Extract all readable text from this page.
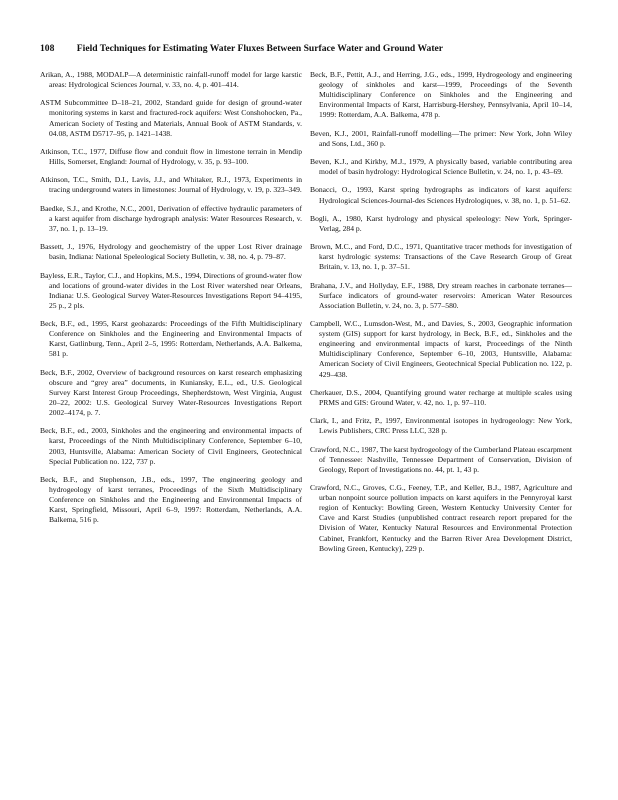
108 Field Techniques for Estimating Water Fluxes Between Surface Water and Ground Water

Arikan, A., 1988, MODALP—A deterministic rainfall-runoff model for large karstic areas: Hydrological Sciences Journal, v. 33, no. 4, p. 401–414.

ASTM Subcommittee D–18–21, 2002, Standard guide for design of ground-water monitoring systems in karst and fractured-rock aquifers: West Conshohocken, Pa., American Society of Testing and Materials, Annual Book of ASTM Standards, v. 04.08, ASTM D5717–95, p. 1421–1438.

Atkinson, T.C., 1977, Diffuse flow and conduit flow in limestone terrain in Mendip Hills, Somerset, England: Journal of Hydrology, v. 35, p. 93–100.

Atkinson, T.C., Smith, D.I., Lavis, J.J., and Whitaker, R.J., 1973, Experiments in tracing underground waters in limestones: Journal of Hydrology, v. 19, p. 323–349.

Baedke, S.J., and Krothe, N.C., 2001, Derivation of effective hydraulic parameters of a karst aquifer from discharge hydrograph analysis: Water Resources Research, v. 37, no. 1, p. 13–19.

Bassett, J., 1976, Hydrology and geochemistry of the upper Lost River drainage basin, Indiana: National Speleological Society Bulletin, v. 38, no. 4, p. 79–87.

Bayless, E.R., Taylor, C.J., and Hopkins, M.S., 1994, Directions of ground-water flow and locations of ground-water divides in the Lost River watershed near Orleans, Indiana: U.S. Geological Survey Water-Resources Investigations Report 94–4195, 25 p., 2 pls.

Beck, B.F., ed., 1995, Karst geohazards: Proceedings of the Fifth Multidisciplinary Conference on Sinkholes and the Engineering and Environmental Impacts of Karst, Gatlinburg, Tenn., April 2–5, 1995: Rotterdam, Netherlands, A.A. Balkema, 581 p.

Beck, B.F., 2002, Overview of background resources on karst research emphasizing obscure and “grey area” documents, in Kuniansky, E.L., ed., U.S. Geological Survey Karst Interest Group Proceedings, Shepherdstown, West Virginia, August 20–22, 2002: U.S. Geological Survey Water-Resources Investigations Report 2002–4174, p. 7.

Beck, B.F., ed., 2003, Sinkholes and the engineering and environmental impacts of karst, Proceedings of the Ninth Multidisciplinary Conference, September 6–10, 2003, Huntsville, Alabama: American Society of Civil Engineers, Geotechnical Special Publication no. 122, 737 p.

Beck, B.F., and Stephenson, J.B., eds., 1997, The engineering geology and hydrogeology of karst terranes, Proceedings of the Sixth Multidisciplinary Conference on Sinkholes and the Engineering and Environmental Impacts of Karst, Springfield, Missouri, April 6–9, 1997: Rotterdam, Netherlands, A.A. Balkema, 516 p.

Beck, B.F., Pettit, A.J., and Herring, J.G., eds., 1999, Hydrogeology and engineering geology of sinkholes and karst—1999, Proceedings of the Seventh Multidisciplinary Conference on Sinkholes and the Engineering and Environmental Impacts of Karst, Harrisburg-Hershey, Pennsylvania, April 10–14, 1999: Rotterdam, A.A. Balkema, 478 p.

Beven, K.J., 2001, Rainfall-runoff modelling—The primer: New York, John Wiley and Sons, Ltd., 360 p.

Beven, K.J., and Kirkby, M.J., 1979, A physically based, variable contributing area model of basin hydrology: Hydrological Science Bulletin, v. 24, no. 1, p. 43–69.

Bonacci, O., 1993, Karst spring hydrographs as indicators of karst aquifers: Hydrological Sciences-Journal-des Sciences Hydrologiques, v. 38, no. 1, p. 51–62.

Bogli, A., 1980, Karst hydrology and physical speleology: New York, Springer-Verlag, 284 p.

Brown, M.C., and Ford, D.C., 1971, Quantitative tracer methods for investigation of karst hydrologic systems: Transactions of the Cave Research Group of Great Britain, v. 13, no. 1, p. 37–51.

Brahana, J.V., and Hollyday, E.F., 1988, Dry stream reaches in carbonate terranes—Surface indicators of ground-water reservoirs: American Water Resources Association Bulletin, v. 24, no. 3, p. 577–580.

Campbell, W.C., Lumsdon-West, M., and Davies, S., 2003, Geographic information system (GIS) support for karst hydrology, in Beck, B.F., ed., Sinkholes and the engineering and environmental impacts of karst, Proceedings of the Ninth Multidisciplinary Conference, September 6–10, 2003, Huntsville, Alabama: American Society of Civil Engineers, Geotechnical Special Publication no. 122, p. 429–438.

Cherkauer, D.S., 2004, Quantifying ground water recharge at multiple scales using PRMS and GIS: Ground Water, v. 42, no. 1, p. 97–110.

Clark, I., and Fritz, P., 1997, Environmental isotopes in hydrogeology: New York, Lewis Publishers, CRC Press LLC, 328 p.

Crawford, N.C., 1987, The karst hydrogeology of the Cumberland Plateau escarpment of Tennessee: Nashville, Tennessee Department of Conservation, Division of Geology, Report of Investigations no. 44, pt. 1, 43 p.

Crawford, N.C., Groves, C.G., Feeney, T.P., and Keller, B.J., 1987, Agriculture and urban nonpoint source pollution impacts on karst aquifers in the Pennyroyal karst region of Kentucky: Bowling Green, Western Kentucky University Center for Cave and Karst Studies (unpublished contract research report prepared for the Division of Water, Kentucky Natural Resources and Environmental Protection Cabinet, Frankfort, Kentucky and the Barren River Area Development District, Bowling Green, Kentucky), 229 p.
